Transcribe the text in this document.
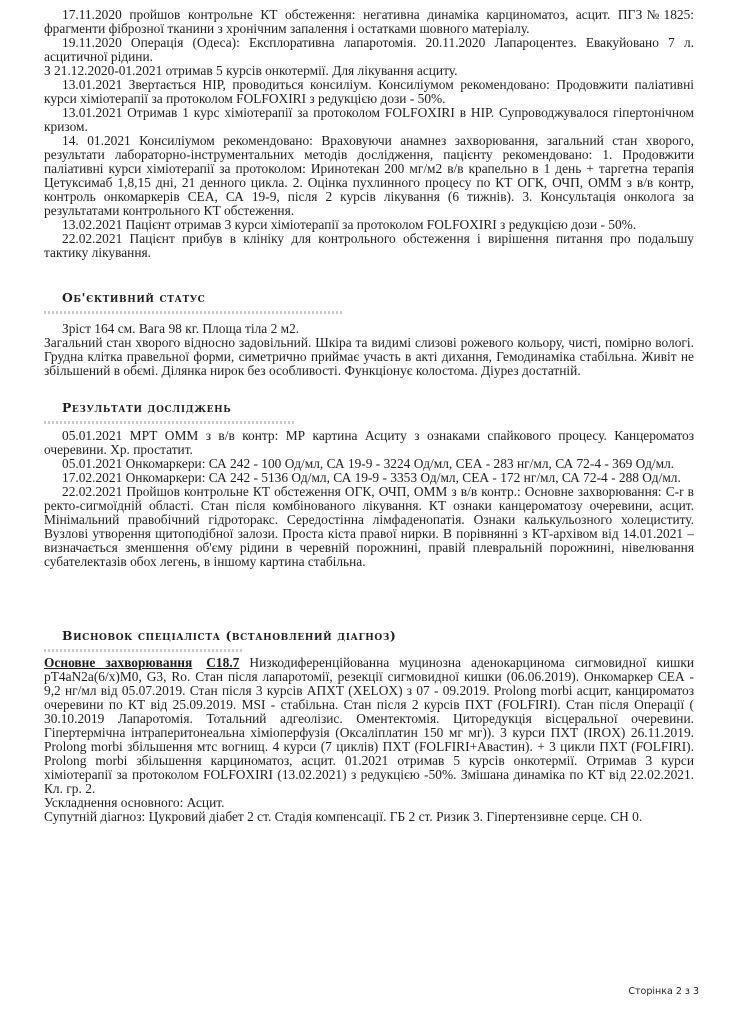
17.11.2020 пройшов контрольне КТ обстеження: негативна динаміка карциноматоз, асцит. ПГЗ№1825: фрагменти фіброзної тканини з хронічним запалення і остатками шовного матеріалу.

19.11.2020 Операція (Одеса): Експлоративна лапаротомія. 20.11.2020 Лапароцентез. Евакуйовано 7 л. асцитичної рідини.

З 21.12.2020-01.2021 отримав 5 курсів онкотермії. Для лікування асциту.

13.01.2021 Звертається НІР, проводиться консиліум. Консиліумом рекомендовано: Продовжити паліативні курси хіміотерапії за протоколом FOLFOXIRI з редукцією дози - 50%.

13.01.2021 Отримав 1 курс хіміотерапії за протоколом FOLFOXIRI в НІР. Супроводжувалося гіпертонічном кризом.

14. 01.2021 Консиліумом рекомендовано: Враховуючи анамнез захворювання, загальний стан хворого, результати лабораторно-інструментальних методів дослідження, пацієнту рекомендовано: 1. Продовжити паліативні курси хіміотерапії за протоколом: Иринотекан 200 мг/м2 в/в крапельно в 1 день + таргетна терапія Цетуксимаб 1,8,15 дні, 21 денного цикла. 2. Оцінка пухлинного процесу по КТ ОГК, ОЧП, ОММ з в/в контр, контроль онкомаркерів СЕА, СА 19-9, після 2 курсів лікування (6 тижнів). 3. Консультація онколога за результатами контрольного КТ обстеження.

13.02.2021 Пацієнт отримав 3 курси хіміотерапії за протоколом FOLFOXIRI з редукцією дози - 50%.

22.02.2021 Пацієнт прибув в клініку для контрольного обстеження і вирішення питання про подальшу тактику лікування.

Об'єктивний статус

Зріст 164 см. Вага 98 кг. Площа тіла 2 м2.

Загальний стан хворого відносно задовільний. Шкіра та видимі слизові рожевого кольору, чисті, помірно вологі. Грудна клітка правельної форми, симетрично приймає участь в акті дихання, Гемодинаміка стабільна. Живіт не збільшений в обємі. Ділянка нирок без особливості. Функціонує колостома. Діурез достатній.

Результати досліджень

05.01.2021 МРТ ОММ з в/в контр: МР картина Асциту з ознаками спайкового процесу. Канцероматоз очеревини. Хр. простатит.

05.01.2021 Онкомаркери: СА 242 - 100 Од/мл, СА 19-9 - 3224 Од/мл, СЕА - 283 нг/мл, СА 72-4 - 369 Од/мл.

17.02.2021 Онкомаркери: СА 242 - 5136 Од/мл, СА 19-9 - 3353 Од/мл, СЕА - 172 нг/мл, СА 72-4 - 288 Од/мл.

22.02.2021 Пройшов контрольне КТ обстеження ОГК, ОЧП, ОММ з в/в контр.: Основне захворювання: C-r в ректо-сигмоїдній області. Стан після комбінованого лікування. КТ ознаки канцероматозу очеревини, асцит. Мінімальний правобічний гідроторакс. Середостінна лімфаденопатія. Ознаки калькульозного холециститу. Вузлові утворення щитоподібної залози. Проста кіста правої нирки. В порівнянні з КТ-архівом від 14.01.2021 – визначається зменшення об'єму рідини в черевній порожнині, правій плевральній порожнині, нівелювання субателектазів обох легень, в іншому картина стабільна.

Висновок спеціаліста (встановлений діагноз)

Основне захворювання C18.7 Низкодиференційованна муцинозна аденокарцинома сигмовидної кишки pT4aN2a(6/x)M0, G3, Ro. Стан після лапаротомії, резекції сигмовидної кишки (06.06.2019). Онкомаркер СЕА - 9,2 нг/мл від 05.07.2019. Стан після 3 курсів АПХТ (XELOX) з 07 - 09.2019. Prolong morbi асцит, канцироматоз очеревини по КТ від 25.09.2019. MSI - стабільна. Стан після 2 курсів ПХТ (FOLFIRI). Стан після Операції ( 30.10.2019 Лапаротомія. Тотальний адгеолізис. Оментектомія. Циторедукція вісцеральної очеревини. Гіпертермічна інтраперитонеальна хіміоперфузія (Оксаліплатин 150 мг мг)). 3 курси ПХТ (IROX) 26.11.2019. Prolong morbi збільшення мтс вогнищ. 4 курси (7 циклів) ПХТ (FOLFIRI+Авастин). + 3 цикли ПХТ (FOLFIRI). Prolong morbi збільшення карциноматоз, асцит. 01.2021 отримав 5 курсів онкотермії. Отримав 3 курси хіміотерапії за протоколом FOLFOXIRI (13.02.2021) з редукцією -50%. Змішана динаміка по КТ від 22.02.2021. Кл. гр. 2.

Ускладнення основного: Асцит.

Супутній діагноз: Цукровий діабет 2 ст. Стадія компенсації. ГБ 2 ст. Ризик 3. Гіпертензивне серце. СН 0.

Сторінка 2 з 3
